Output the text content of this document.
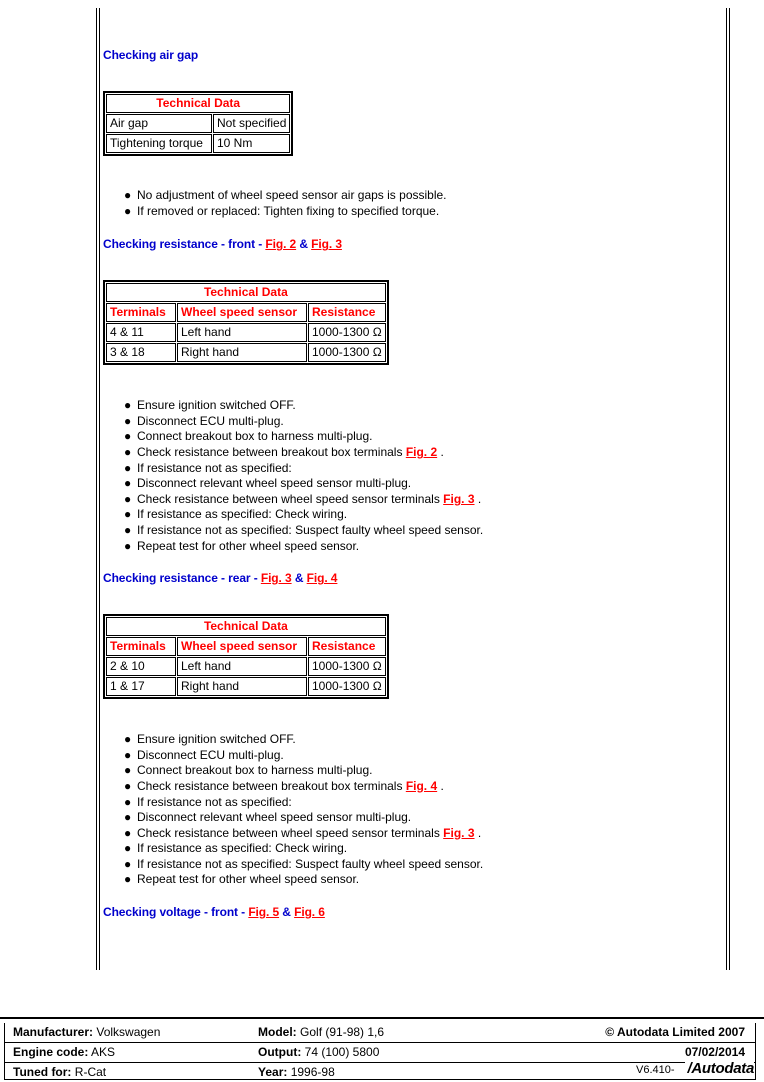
Checking air gap
Technical Data	
Air gap	Not specified
Tightening torque	10 Nm
● No adjustment of wheel speed sensor air gaps is possible.
● If removed or replaced: Tighten fixing to specified torque.
Checking resistance - front - Fig. 2 & Fig. 3
Technical Data		
Terminals	Wheel speed sensor	Resistance
4 & 11	Left hand	1000-1300 Ω
3 & 18	Right hand	1000-1300 Ω
● Ensure ignition switched OFF.
● Disconnect ECU multi-plug.
● Connect breakout box to harness multi-plug.
● Check resistance between breakout box terminals Fig. 2 .
● If resistance not as specified:
● Disconnect relevant wheel speed sensor multi-plug.
● Check resistance between wheel speed sensor terminals Fig. 3 .
● If resistance as specified: Check wiring.
● If resistance not as specified: Suspect faulty wheel speed sensor.
● Repeat test for other wheel speed sensor.
Checking resistance - rear - Fig. 3 & Fig. 4
Technical Data		
Terminals	Wheel speed sensor	Resistance
2 & 10	Left hand	1000-1300 Ω
1 & 17	Right hand	1000-1300 Ω
● Ensure ignition switched OFF.
● Disconnect ECU multi-plug.
● Connect breakout box to harness multi-plug.
● Check resistance between breakout box terminals Fig. 4 .
● If resistance not as specified:
● Disconnect relevant wheel speed sensor multi-plug.
● Check resistance between wheel speed sensor terminals Fig. 3 .
● If resistance as specified: Check wiring.
● If resistance not as specified: Suspect faulty wheel speed sensor.
● Repeat test for other wheel speed sensor.
Checking voltage - front - Fig. 5 & Fig. 6
Manufacturer: Volkswagen	Model: Golf (91-98) 1,6	© Autodata Limited 2007
Engine code: AKS	Output: 74 (100) 5800	07/02/2014
Tuned for: R-Cat	Year: 1996-98	V6.410- /Autodata
